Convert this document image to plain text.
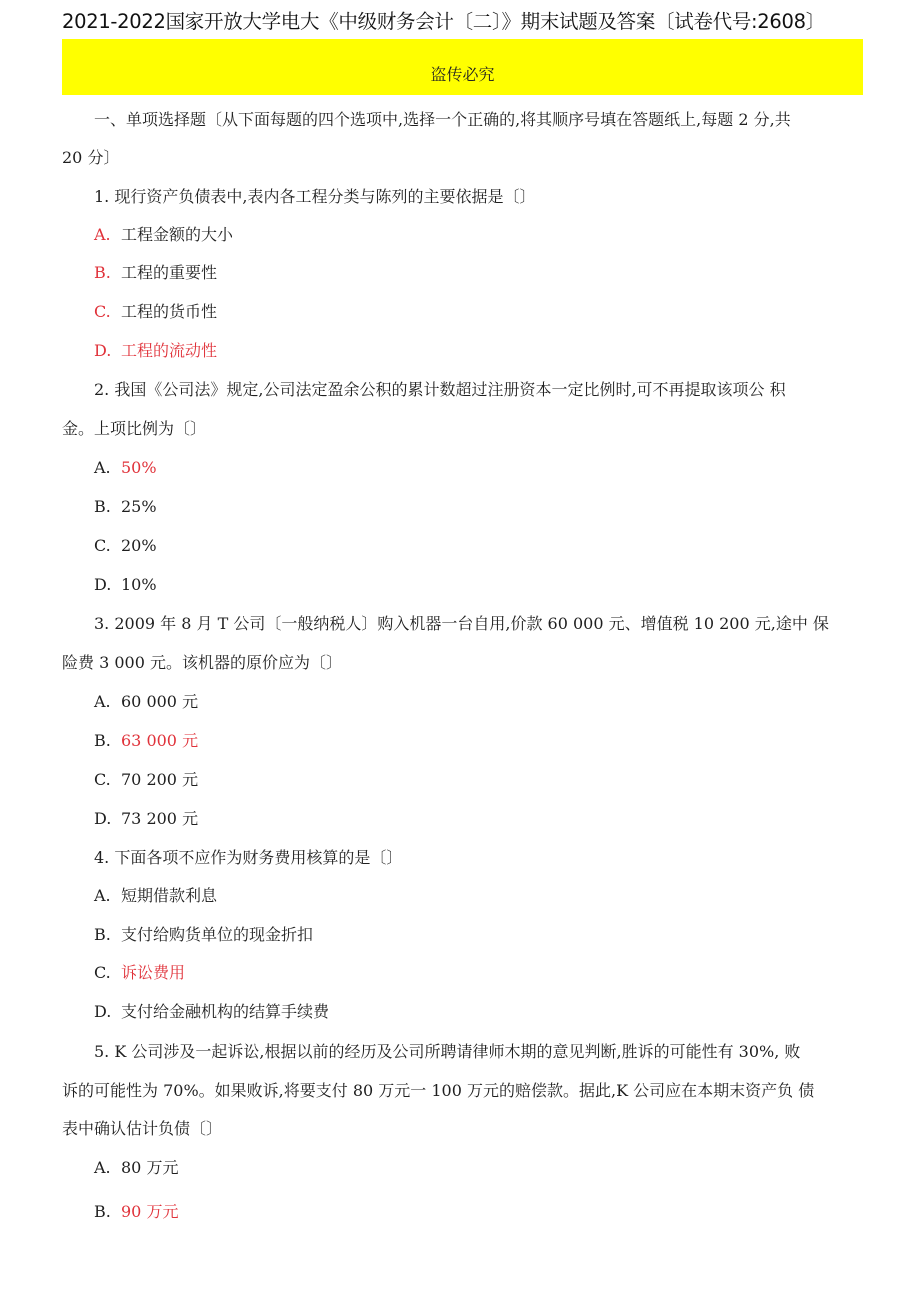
2021-2022国家开放大学电大《中级财务会计〔二〕》期末试题及答案〔试卷代号:2608〕
盗传必究
一、单项选择题〔从下面每题的四个选项中,选择一个正确的,将其顺序号填在答题纸上,每题 2 分,共
20 分〕
1. 现行资产负债表中,表内各工程分类与陈列的主要依据是〔〕
A. 工程金额的大小
B. 工程的重要性
C. 工程的货币性
D. 工程的流动性
2. 我国《公司法》规定,公司法定盈余公积的累计数超过注册资本一定比例时,可不再提取该项公 积
金。上项比例为〔〕
A. 50%
B. 25%
C. 20%
D. 10%
3. 2009 年 8 月 T 公司〔一般纳税人〕购入机器一台自用,价款 60 000 元、增值税 10 200 元,途中 保
险费 3 000 元。该机器的原价应为〔〕
A. 60 000 元
B. 63 000 元
C. 70 200 元
D. 73 200 元
4. 下面各项不应作为财务费用核算的是〔〕
A. 短期借款利息
B. 支付给购货单位的现金折扣
C. 诉讼费用
D. 支付给金融机构的结算手续费
5. K 公司涉及一起诉讼,根据以前的经历及公司所聘请律师木期的意见判断,胜诉的可能性有 30%, 败
诉的可能性为 70%。如果败诉,将要支付 80 万元一 100 万元的赔偿款。据此,K 公司应在本期末资产负 债
表中确认估计负债〔〕
A. 80 万元
B. 90 万元
